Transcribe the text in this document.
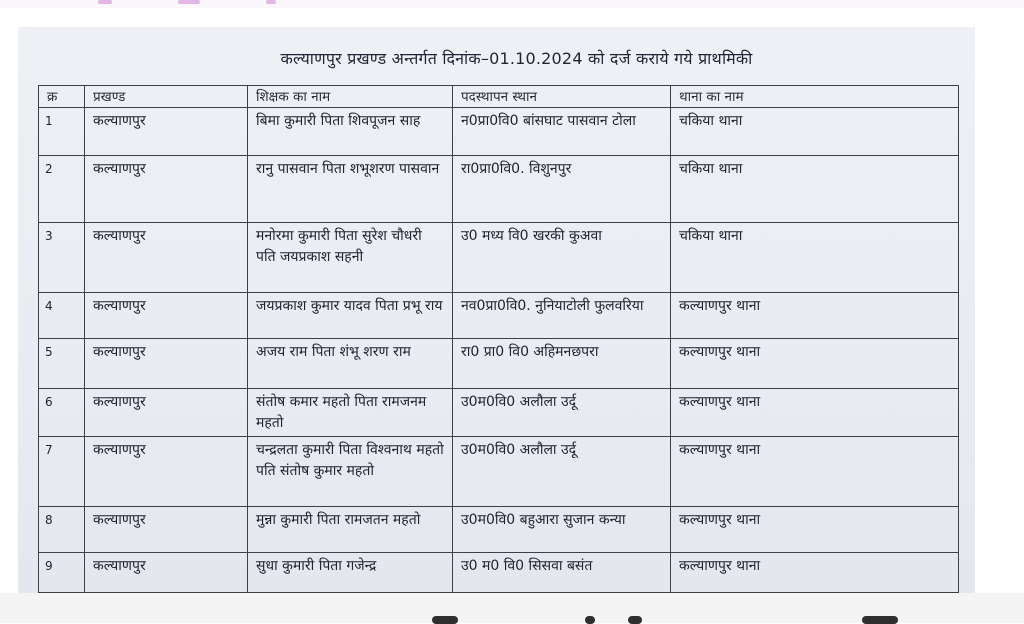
कल्याणपुर प्रखण्ड अन्तर्गत दिनांक–01.10.2024 को दर्ज कराये गये प्राथमिकी
क्र	प्रखण्ड	शिक्षक का नाम	पदस्थापन स्थान	थाना का नाम
1	कल्याणपुर	बिमा कुमारी पिता शिवपूजन साह	न0प्रा0वि0 बांसघाट पासवान टोला	चकिया थाना
2	कल्याणपुर	रानु पासवान पिता शभूशरण पासवान	रा0प्रा0वि0. विशुनपुर	चकिया थाना
3	कल्याणपुर	मनोरमा कुमारी पिता सुरेश चौधरी पति जयप्रकाश सहनी	उ0 मध्य वि0 खरकी कुअवा	चकिया थाना
4	कल्याणपुर	जयप्रकाश कुमार यादव पिता प्रभू राय	नव0प्रा0वि0. नुनियाटोली फुलवरिया	कल्याणपुर थाना
5	कल्याणपुर	अजय राम पिता शंभू शरण राम	रा0 प्रा0 वि0 अहिमनछपरा	कल्याणपुर थाना
6	कल्याणपुर	संतोष कमार महतो पिता रामजनम महतो	उ0म0वि0 अलौला उर्दू	कल्याणपुर थाना
7	कल्याणपुर	चन्द्रलता कुमारी पिता विश्वनाथ महतो पति संतोष कुमार महतो	उ0म0वि0 अलौला उर्दू	कल्याणपुर थाना
8	कल्याणपुर	मुन्ना कुमारी पिता रामजतन महतो	उ0म0वि0 बहुआरा सुजान कन्या	कल्याणपुर थाना
9	कल्याणपुर	सुधा कुमारी पिता गजेन्द्र	उ0 म0 वि0 सिसवा बसंत	कल्याणपुर थाना
